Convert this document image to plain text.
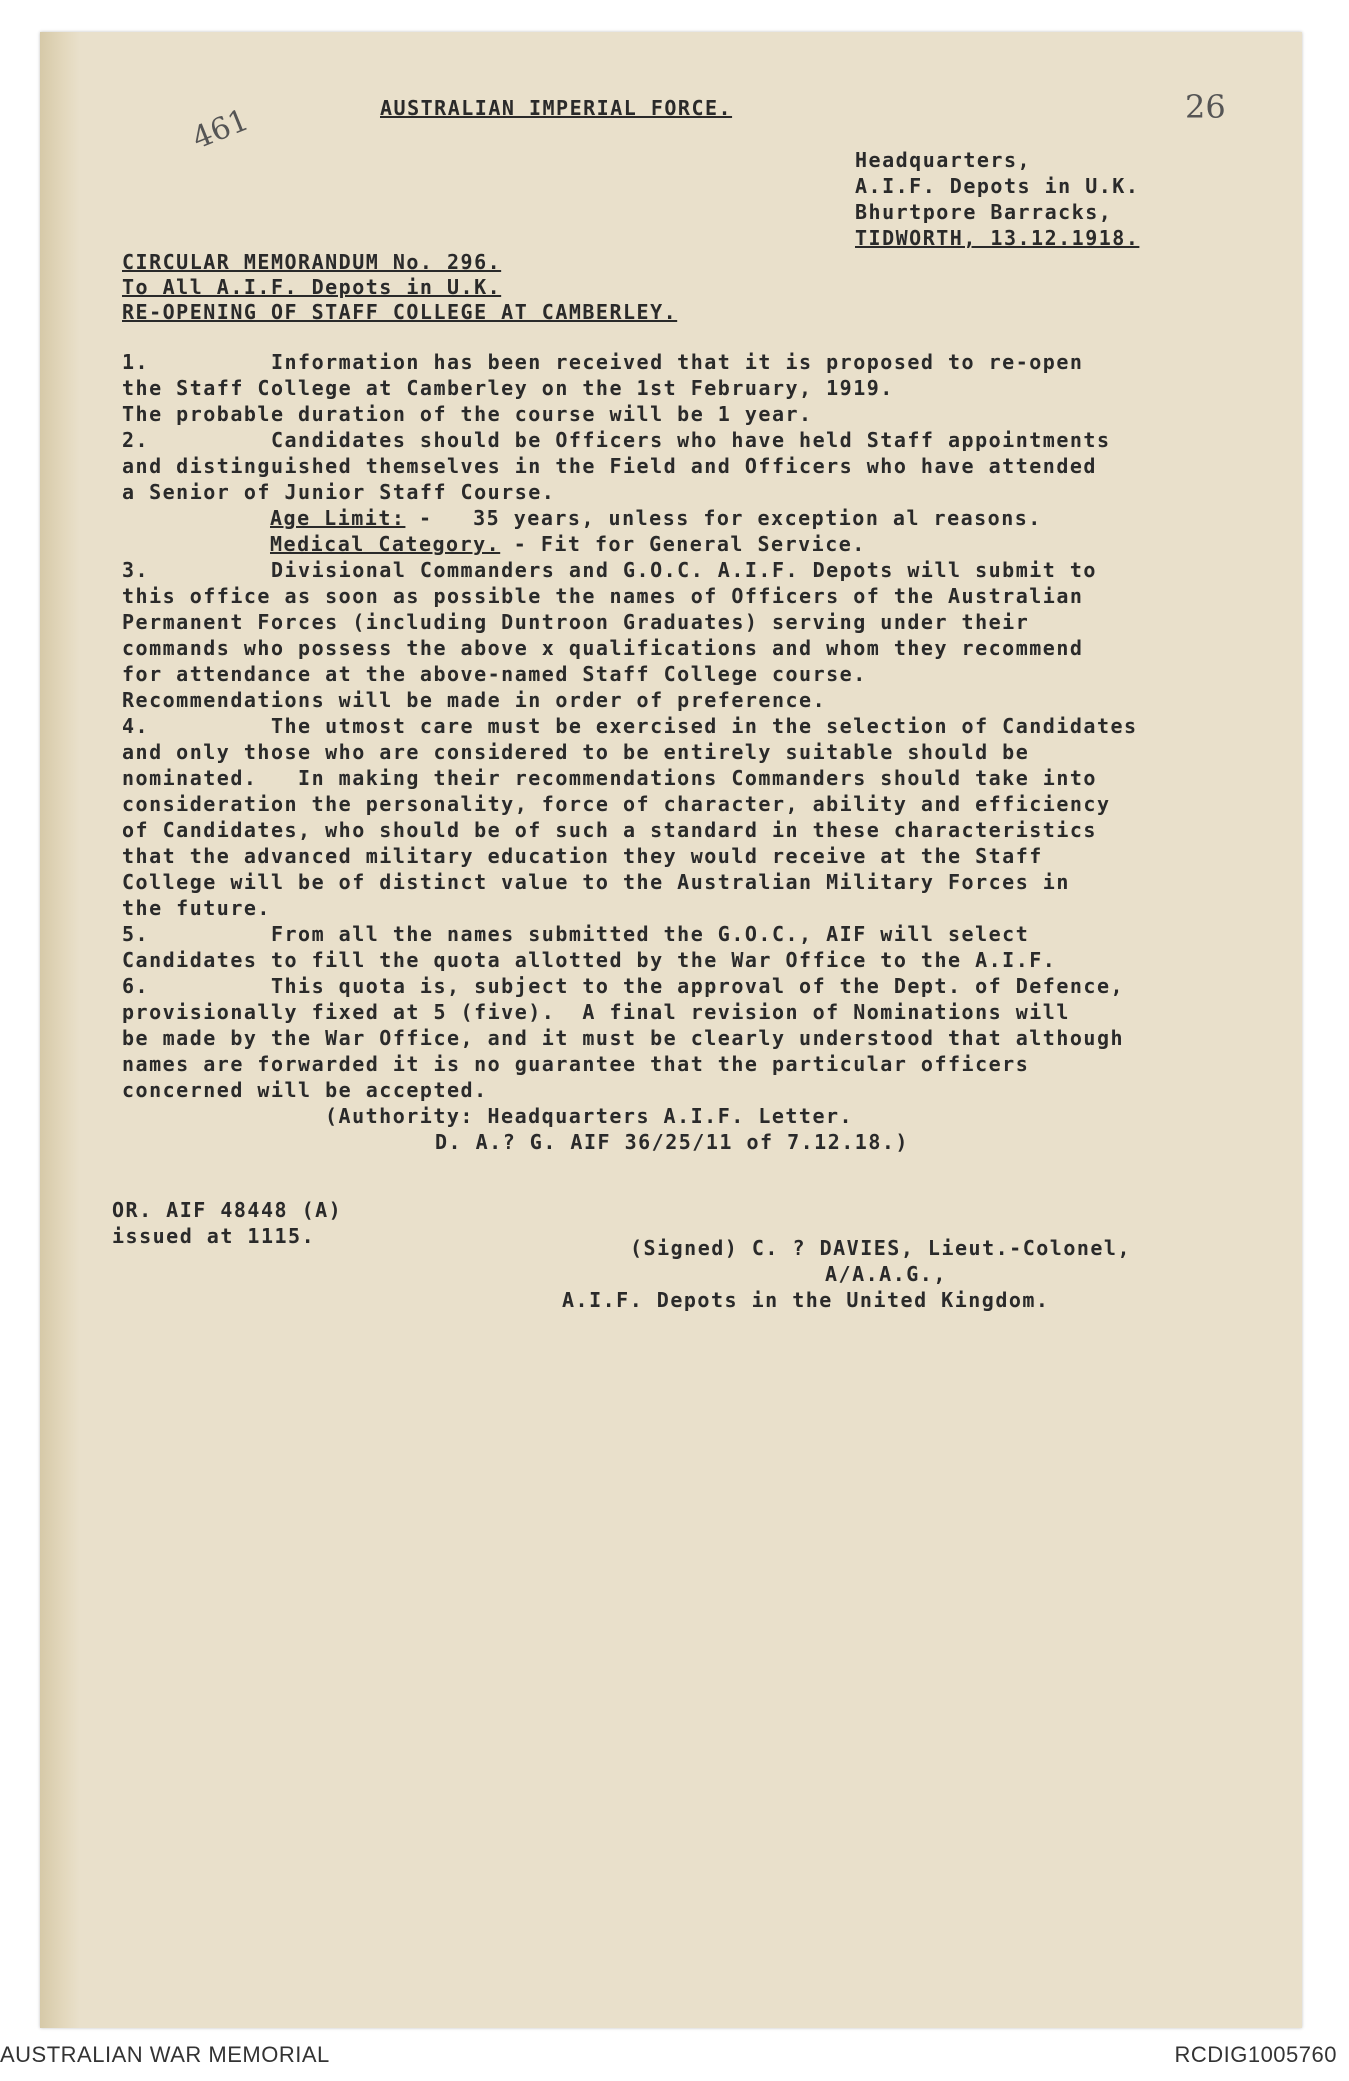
461	26
AUSTRALIAN IMPERIAL FORCE.
Headquarters,
A.I.F. Depots in U.K.
Bhurtpore Barracks,
TIDWORTH, 13.12.1918.
CIRCULAR MEMORANDUM No. 296.
To All A.I.F. Depots in U.K.
RE-OPENING OF STAFF COLLEGE AT CAMBERLEY.
1.         Information has been received that it is proposed to re-open
the Staff College at Camberley on the 1st February, 1919.
The probable duration of the course will be 1 year.
2.         Candidates should be Officers who have held Staff appointments
and distinguished themselves in the Field and Officers who have attended
a Senior of Junior Staff Course.
Age Limit: -   35 years, unless for exception al reasons.
Medical Category. - Fit for General Service.
3.         Divisional Commanders and G.O.C. A.I.F. Depots will submit to
this office as soon as possible the names of Officers of the Australian
Permanent Forces (including Duntroon Graduates) serving under their
commands who possess the above x qualifications and whom they recommend
for attendance at the above-named Staff College course.
Recommendations will be made in order of preference.
4.         The utmost care must be exercised in the selection of Candidates
and only those who are considered to be entirely suitable should be
nominated.   In making their recommendations Commanders should take into
consideration the personality, force of character, ability and efficiency
of Candidates, who should be of such a standard in these characteristics
that the advanced military education they would receive at the Staff
College will be of distinct value to the Australian Military Forces in
the future.
5.         From all the names submitted the G.O.C., AIF will select
Candidates to fill the quota allotted by the War Office to the A.I.F.
6.         This quota is, subject to the approval of the Dept. of Defence,
provisionally fixed at 5 (five).  A final revision of Nominations will
be made by the War Office, and it must be clearly understood that although
names are forwarded it is no guarantee that the particular officers
concerned will be accepted.
(Authority: Headquarters A.I.F. Letter.
D. A.? G. AIF 36/25/11 of 7.12.18.)
OR. AIF 48448 (A)
issued at 1115.	(Signed) C. ? DAVIES, Lieut.-Colonel,
A/A.A.G.,
A.I.F. Depots in the United Kingdom.
AUSTRALIAN WAR MEMORIAL	RCDIG1005760
